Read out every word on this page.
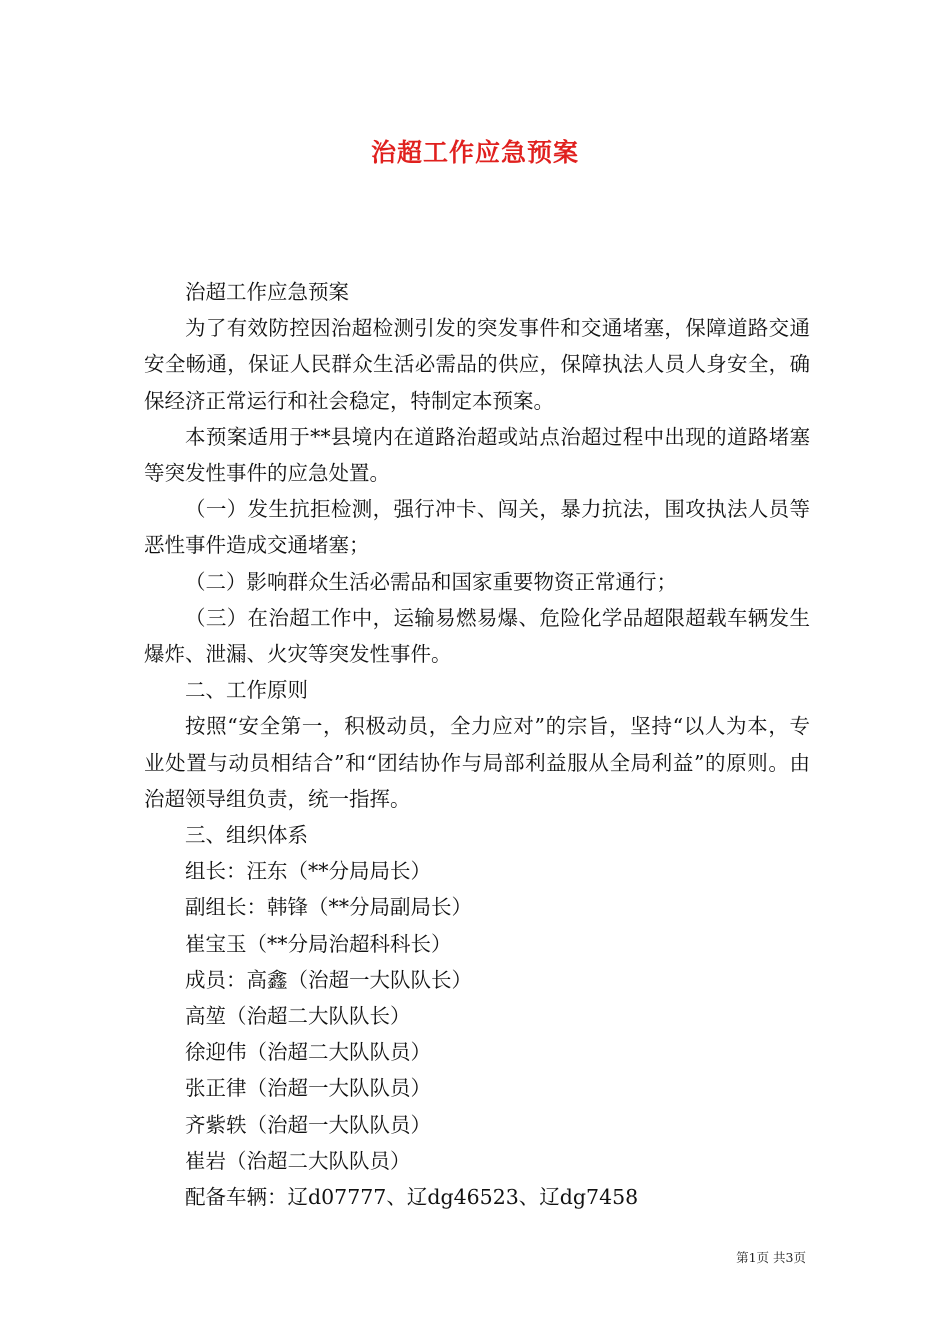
治超工作应急预案

治超工作应急预案

为了有效防控因治超检测引发的突发事件和交通堵塞，保障道路交通安全畅通，保证人民群众生活必需品的供应，保障执法人员人身安全，确保经济正常运行和社会稳定，特制定本预案。

本预案适用于**县境内在道路治超或站点治超过程中出现的道路堵塞等突发性事件的应急处置。

（一）发生抗拒检测，强行冲卡、闯关，暴力抗法，围攻执法人员等恶性事件造成交通堵塞；

（二）影响群众生活必需品和国家重要物资正常通行；

（三）在治超工作中，运输易燃易爆、危险化学品超限超载车辆发生爆炸、泄漏、火灾等突发性事件。

二、工作原则

按照“安全第一，积极动员，全力应对”的宗旨，坚持“以人为本，专业处置与动员相结合”和“团结协作与局部利益服从全局利益”的原则。由治超领导组负责，统一指挥。

三、组织体系

组长：汪东（**分局局长）

副组长：韩锋（**分局副局长）

崔宝玉（**分局治超科科长）

成员：高鑫（治超一大队队长）

高堃（治超二大队队长）

徐迎伟（治超二大队队员）

张正律（治超一大队队员）

齐紫轶（治超一大队队员）

崔岩（治超二大队队员）

配备车辆：辽d07777、辽dg46523、辽dg7458

第1页 共3页
